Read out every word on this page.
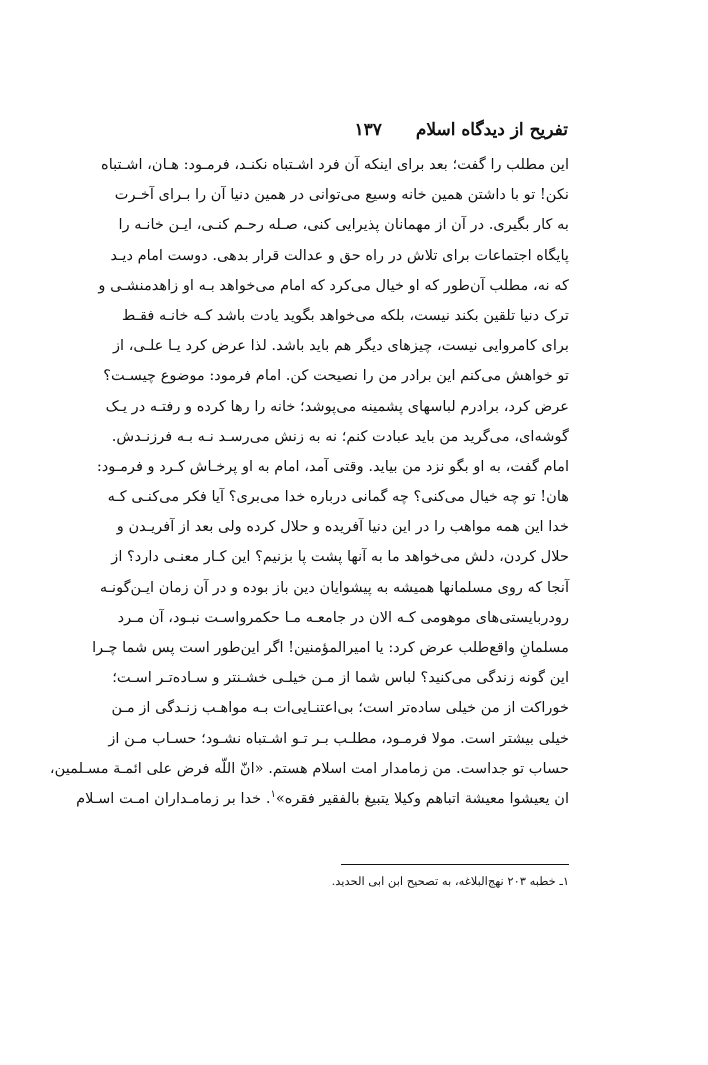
تفریح از دیدگاه اسلام
۱۳۷
این مطلب را گفت؛ بعد برای اینکه آن فرد اشـتباه نکنـد، فرمـود: هـان، اشـتباه
نکن! تو با داشتن همین خانه وسیع می‌توانی در همین دنیا آن را بـرای آخـرت
به کار بگیری. در آن از مهمانان پذیرایی کنی، صـله رحـم کنـی، ایـن خانـه را
پایگاه اجتماعات برای تلاش در راه حق و عدالت قرار بدهی. دوست امام دیـد
که نه، مطلب آن‌طور که او خیال می‌کرد که امام می‌خواهد بـه او زاهدمنشـی و
ترک دنیا تلقین بکند نیست، بلکه می‌خواهد بگوید یادت باشد کـه خانـه فقـط
برای کامروایی نیست، چیزهای دیگر هم باید باشد. لذا عرض کرد یـا علـی، از
تو خواهش می‌کنم این برادر من را نصیحت کن. امام فرمود: موضوع چیسـت؟
عرض کرد، برادرم لباسهای پشمینه می‌پوشد؛ خانه را رها کرده و رفتـه در یـک
گوشه‌ای، می‌گرید من باید عبادت کنم؛ نه به زنش می‌رسـد نـه بـه فرزنـدش.
امام گفت، به او بگو نزد من بیاید. وقتی آمد، امام به او پرخـاش کـرد و فرمـود:
هان! تو چه خیال می‌کنی؟ چه گمانی درباره خدا می‌بری؟ آیا فکر می‌کنـی کـه
خدا این همه مواهب را در این دنیا آفریده و حلال کرده ولی بعد از آفریـدن و
حلال کردن، دلش می‌خواهد ما به آنها پشت پا بزنیم؟ این کـار معنـی دارد؟ از
آنجا که روی مسلمانها همیشه به پیشوایان دین باز بوده و در آن زمان ایـن‌گونـه
رودربایستی‌های موهومی کـه الان در جامعـه مـا حکمرواسـت نبـود، آن مـرد
مسلمانِ واقع‌طلب عرض کرد: یا امیرالمؤمنین! اگر این‌طور است پس شما چـرا
این گونه زندگی می‌کنید؟ لباس شما از مـن خیلـی خشـنتر و سـاده‌تـر اسـت؛
خوراکت از من خیلی ساده‌تر است؛ بی‌اعتنـایی‌ات بـه مواهـب زنـدگی از مـن
خیلی بیشتر است. مولا فرمـود، مطلـب بـر تـو اشـتباه نشـود؛ حسـاب مـن از
حساب تو جداست. من زمامدار امت اسلام هستم. «انّ اللّه فرض علی ائمـة مسـلمین،
ان یعیشوا معیشة اتباهم وکیلا یتبیغ بالفقیر فقره»$^۱$. خدا بر زمامـداران امـت اسـلام
۱ـ خطبه ۲۰۳ نهج‌البلاغه، به تصحیح ابن ابی الحدید.
